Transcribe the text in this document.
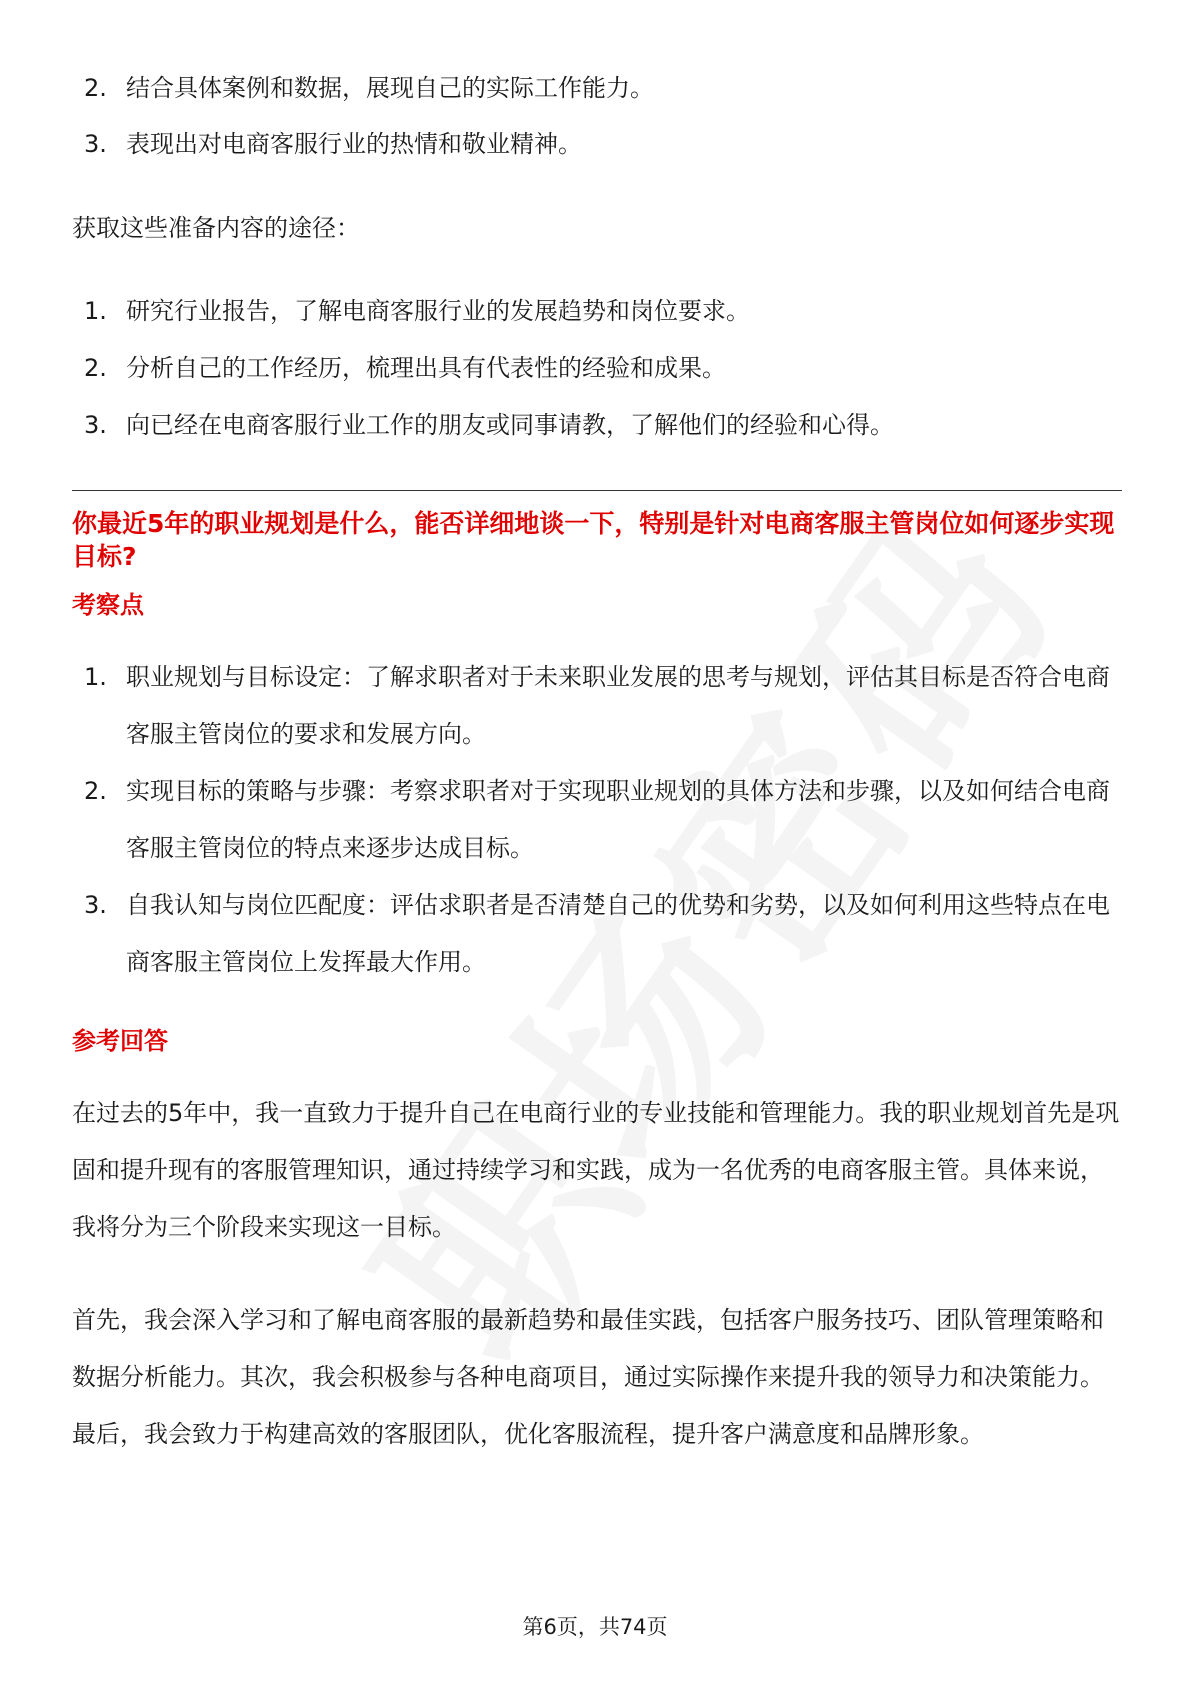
2. 结合具体案例和数据，展现自己的实际工作能力。
3. 表现出对电商客服行业的热情和敬业精神。

获取这些准备内容的途径：

1. 研究行业报告，了解电商客服行业的发展趋势和岗位要求。
2. 分析自己的工作经历，梳理出具有代表性的经验和成果。
3. 向已经在电商客服行业工作的朋友或同事请教，了解他们的经验和心得。
你最近5年的职业规划是什么，能否详细地谈一下，特别是针对电商客服主管岗位如何逐步实现目标?
考察点
1. 职业规划与目标设定：了解求职者对于未来职业发展的思考与规划，评估其目标是否符合电商客服主管岗位的要求和发展方向。
2. 实现目标的策略与步骤：考察求职者对于实现职业规划的具体方法和步骤，以及如何结合电商客服主管岗位的特点来逐步达成目标。
3. 自我认知与岗位匹配度：评估求职者是否清楚自己的优势和劣势，以及如何利用这些特点在电商客服主管岗位上发挥最大作用。
参考回答

在过去的5年中，我一直致力于提升自己在电商行业的专业技能和管理能力。我的职业规划首先是巩固和提升现有的客服管理知识，通过持续学习和实践，成为一名优秀的电商客服主管。具体来说，我将分为三个阶段来实现这一目标。

首先，我会深入学习和了解电商客服的最新趋势和最佳实践，包括客户服务技巧、团队管理策略和数据分析能力。其次，我会积极参与各种电商项目，通过实际操作来提升我的领导力和决策能力。最后，我会致力于构建高效的客服团队，优化客服流程，提升客户满意度和品牌形象。

第6页，共74页
